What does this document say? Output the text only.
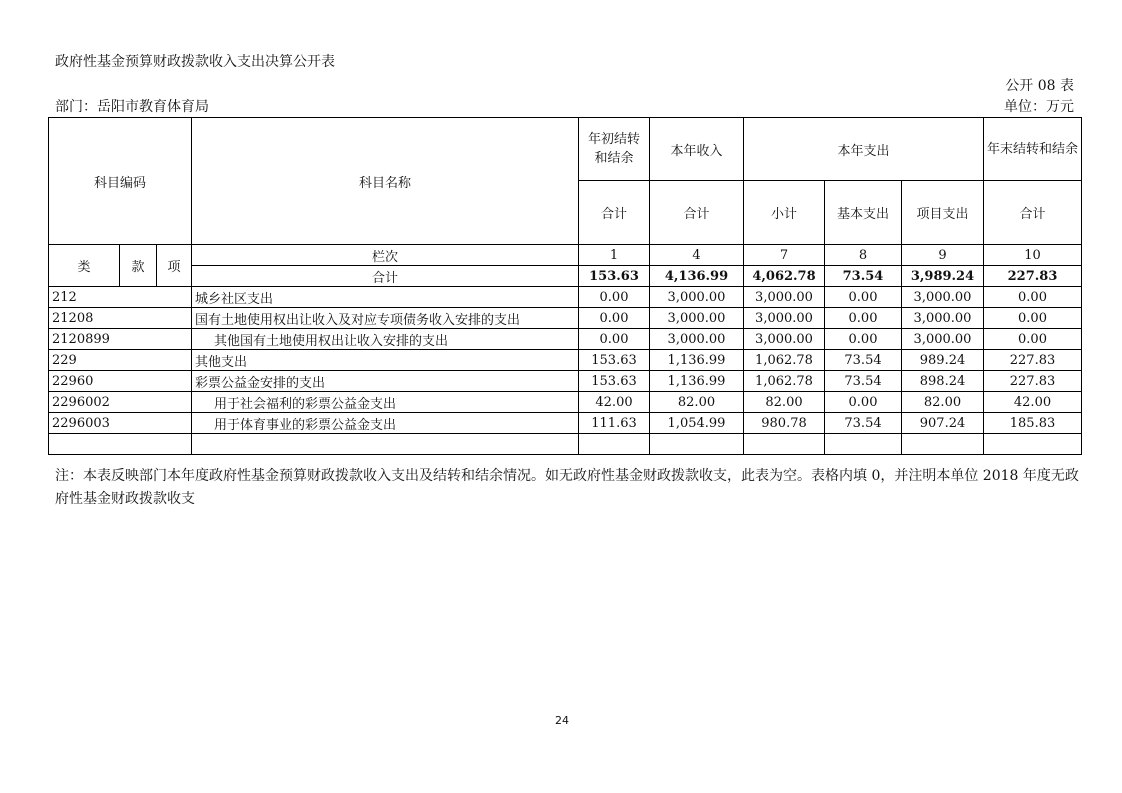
政府性基金预算财政拨款收入支出决算公开表
公开 08 表
部门：岳阳市教育体育局	单位：万元
科目编码			科目名称	年初结转和结余	本年收入	本年支出			年末结转和结余
				合计	合计	小计	基本支出	项目支出	合计
类	款	项	栏次	1	4	7	8	9	10
			合计	153.63	4,136.99	4,062.78	73.54	3,989.24	227.83
212			城乡社区支出	0.00	3,000.00	3,000.00	0.00	3,000.00	0.00
21208			国有土地使用权出让收入及对应专项债务收入安排的支出	0.00	3,000.00	3,000.00	0.00	3,000.00	0.00
2120899			其他国有土地使用权出让收入安排的支出	0.00	3,000.00	3,000.00	0.00	3,000.00	0.00
229			其他支出	153.63	1,136.99	1,062.78	73.54	989.24	227.83
22960			彩票公益金安排的支出	153.63	1,136.99	1,062.78	73.54	898.24	227.83
2296002			用于社会福利的彩票公益金支出	42.00	82.00	82.00	0.00	82.00	42.00
2296003			用于体育事业的彩票公益金支出	111.63	1,054.99	980.78	73.54	907.24	185.83

注：本表反映部门本年度政府性基金预算财政拨款收入支出及结转和结余情况。如无政府性基金财政拨款收支，此表为空。表格内填 0，并注明本单位 2018 年度无政府性基金财政拨款收支
24
